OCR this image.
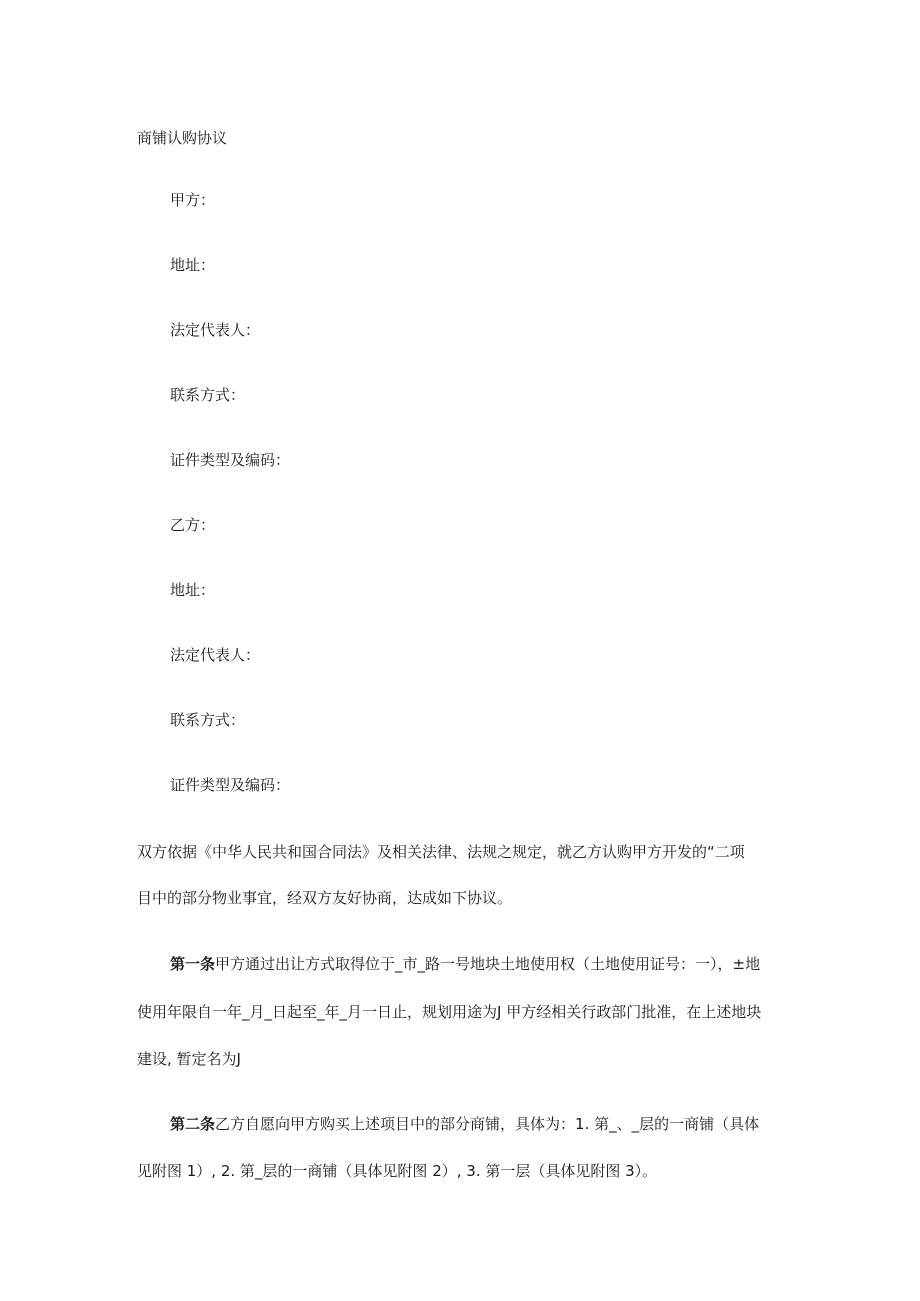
商铺认购协议
甲方：
地址：
法定代表人：
联系方式：
证件类型及编码：
乙方：
地址：
法定代表人：
联系方式：
证件类型及编码：
双方依据《中华人民共和国合同法》及相关法律、法规之规定，就乙方认购甲方开发的“二项
目中的部分物业事宜，经双方友好协商，达成如下协议。
第一条甲方通过出让方式取得位于_市_路一号地块土地使用权（土地使用证号：一），±地
使用年限自一年_月_日起至_年_月一日止，规划用途为J 甲方经相关行政部门批准，在上述地块
建设, 暂定名为J
第二条乙方自愿向甲方购买上述项目中的部分商铺，具体为：1. 第_、_层的一商铺（具体
见附图 1）, 2. 第_层的一商铺（具体见附图 2）, 3. 第一层（具体见附图 3）。
